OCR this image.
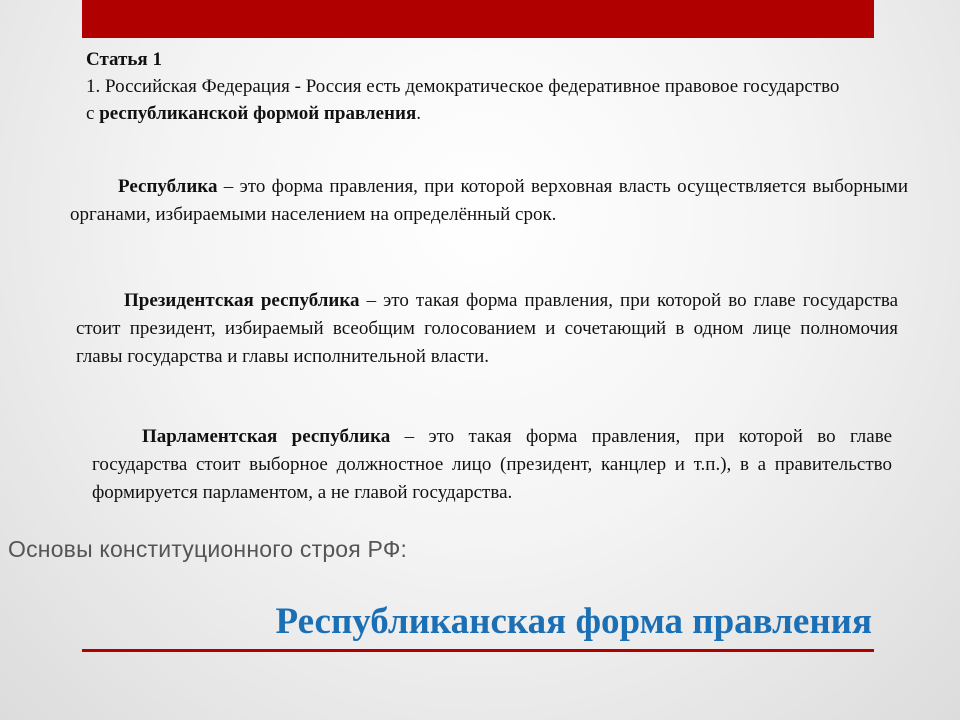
Статья 1
1. Российская Федерация - Россия есть демократическое федеративное правовое государство с республиканской формой правления.
Республика – это форма правления, при которой верховная власть осуществляется выборными органами, избираемыми населением на определённый срок.
Президентская республика – это такая форма правления, при которой во главе государства стоит президент, избираемый всеобщим голосованием и сочетающий в одном лице полномочия главы государства и главы исполнительной власти.
Парламентская республика – это такая форма правления, при которой во главе государства стоит выборное должностное лицо (президент, канцлер и т.п.), в а правительство формируется парламентом, а не главой государства.
Основы конституционного строя РФ:
Республиканская форма правления
